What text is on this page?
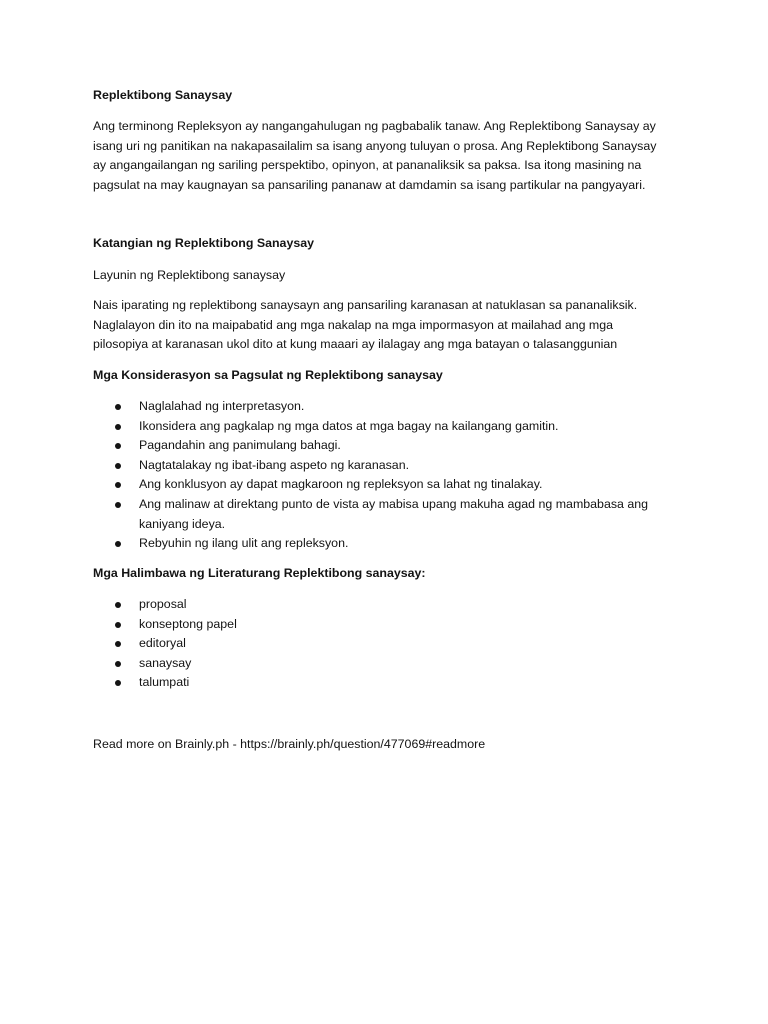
Replektibong Sanaysay
Ang terminong Repleksyon ay nangangahulugan ng pagbabalik tanaw. Ang Replektibong Sanaysay ay
isang uri ng panitikan na nakapasailalim sa isang anyong tuluyan o prosa. Ang Replektibong Sanaysay
ay angangailangan ng sariling perspektibo, opinyon, at pananaliksik sa paksa. Isa itong masining na
pagsulat na may kaugnayan sa pansariling pananaw at damdamin sa isang partikular na pangyayari.
Katangian ng Replektibong Sanaysay
Layunin ng Replektibong sanaysay
Nais iparating ng replektibong sanaysayn ang pansariling karanasan at natuklasan sa pananaliksik.
Naglalayon din ito na maipabatid ang mga nakalap na mga impormasyon at mailahad ang mga
pilosopiya at karanasan ukol dito at kung maaari ay ilalagay ang mga batayan o talasanggunian
Mga Konsiderasyon sa Pagsulat ng Replektibong sanaysay
Naglalahad ng interpretasyon.
Ikonsidera ang pagkalap ng mga datos at mga bagay na kailangang gamitin.
Pagandahin ang panimulang bahagi.
Nagtatalakay ng ibat-ibang aspeto ng karanasan.
Ang konklusyon ay dapat magkaroon ng repleksyon sa lahat ng tinalakay.
Ang malinaw at direktang punto de vista ay mabisa upang makuha agad ng mambabasa ang
kaniyang ideya.
Rebyuhin ng ilang ulit ang repleksyon.
Mga Halimbawa ng Literaturang Replektibong sanaysay:
proposal
konseptong papel
editoryal
sanaysay
talumpati
Read more on Brainly.ph - https://brainly.ph/question/477069#readmore
